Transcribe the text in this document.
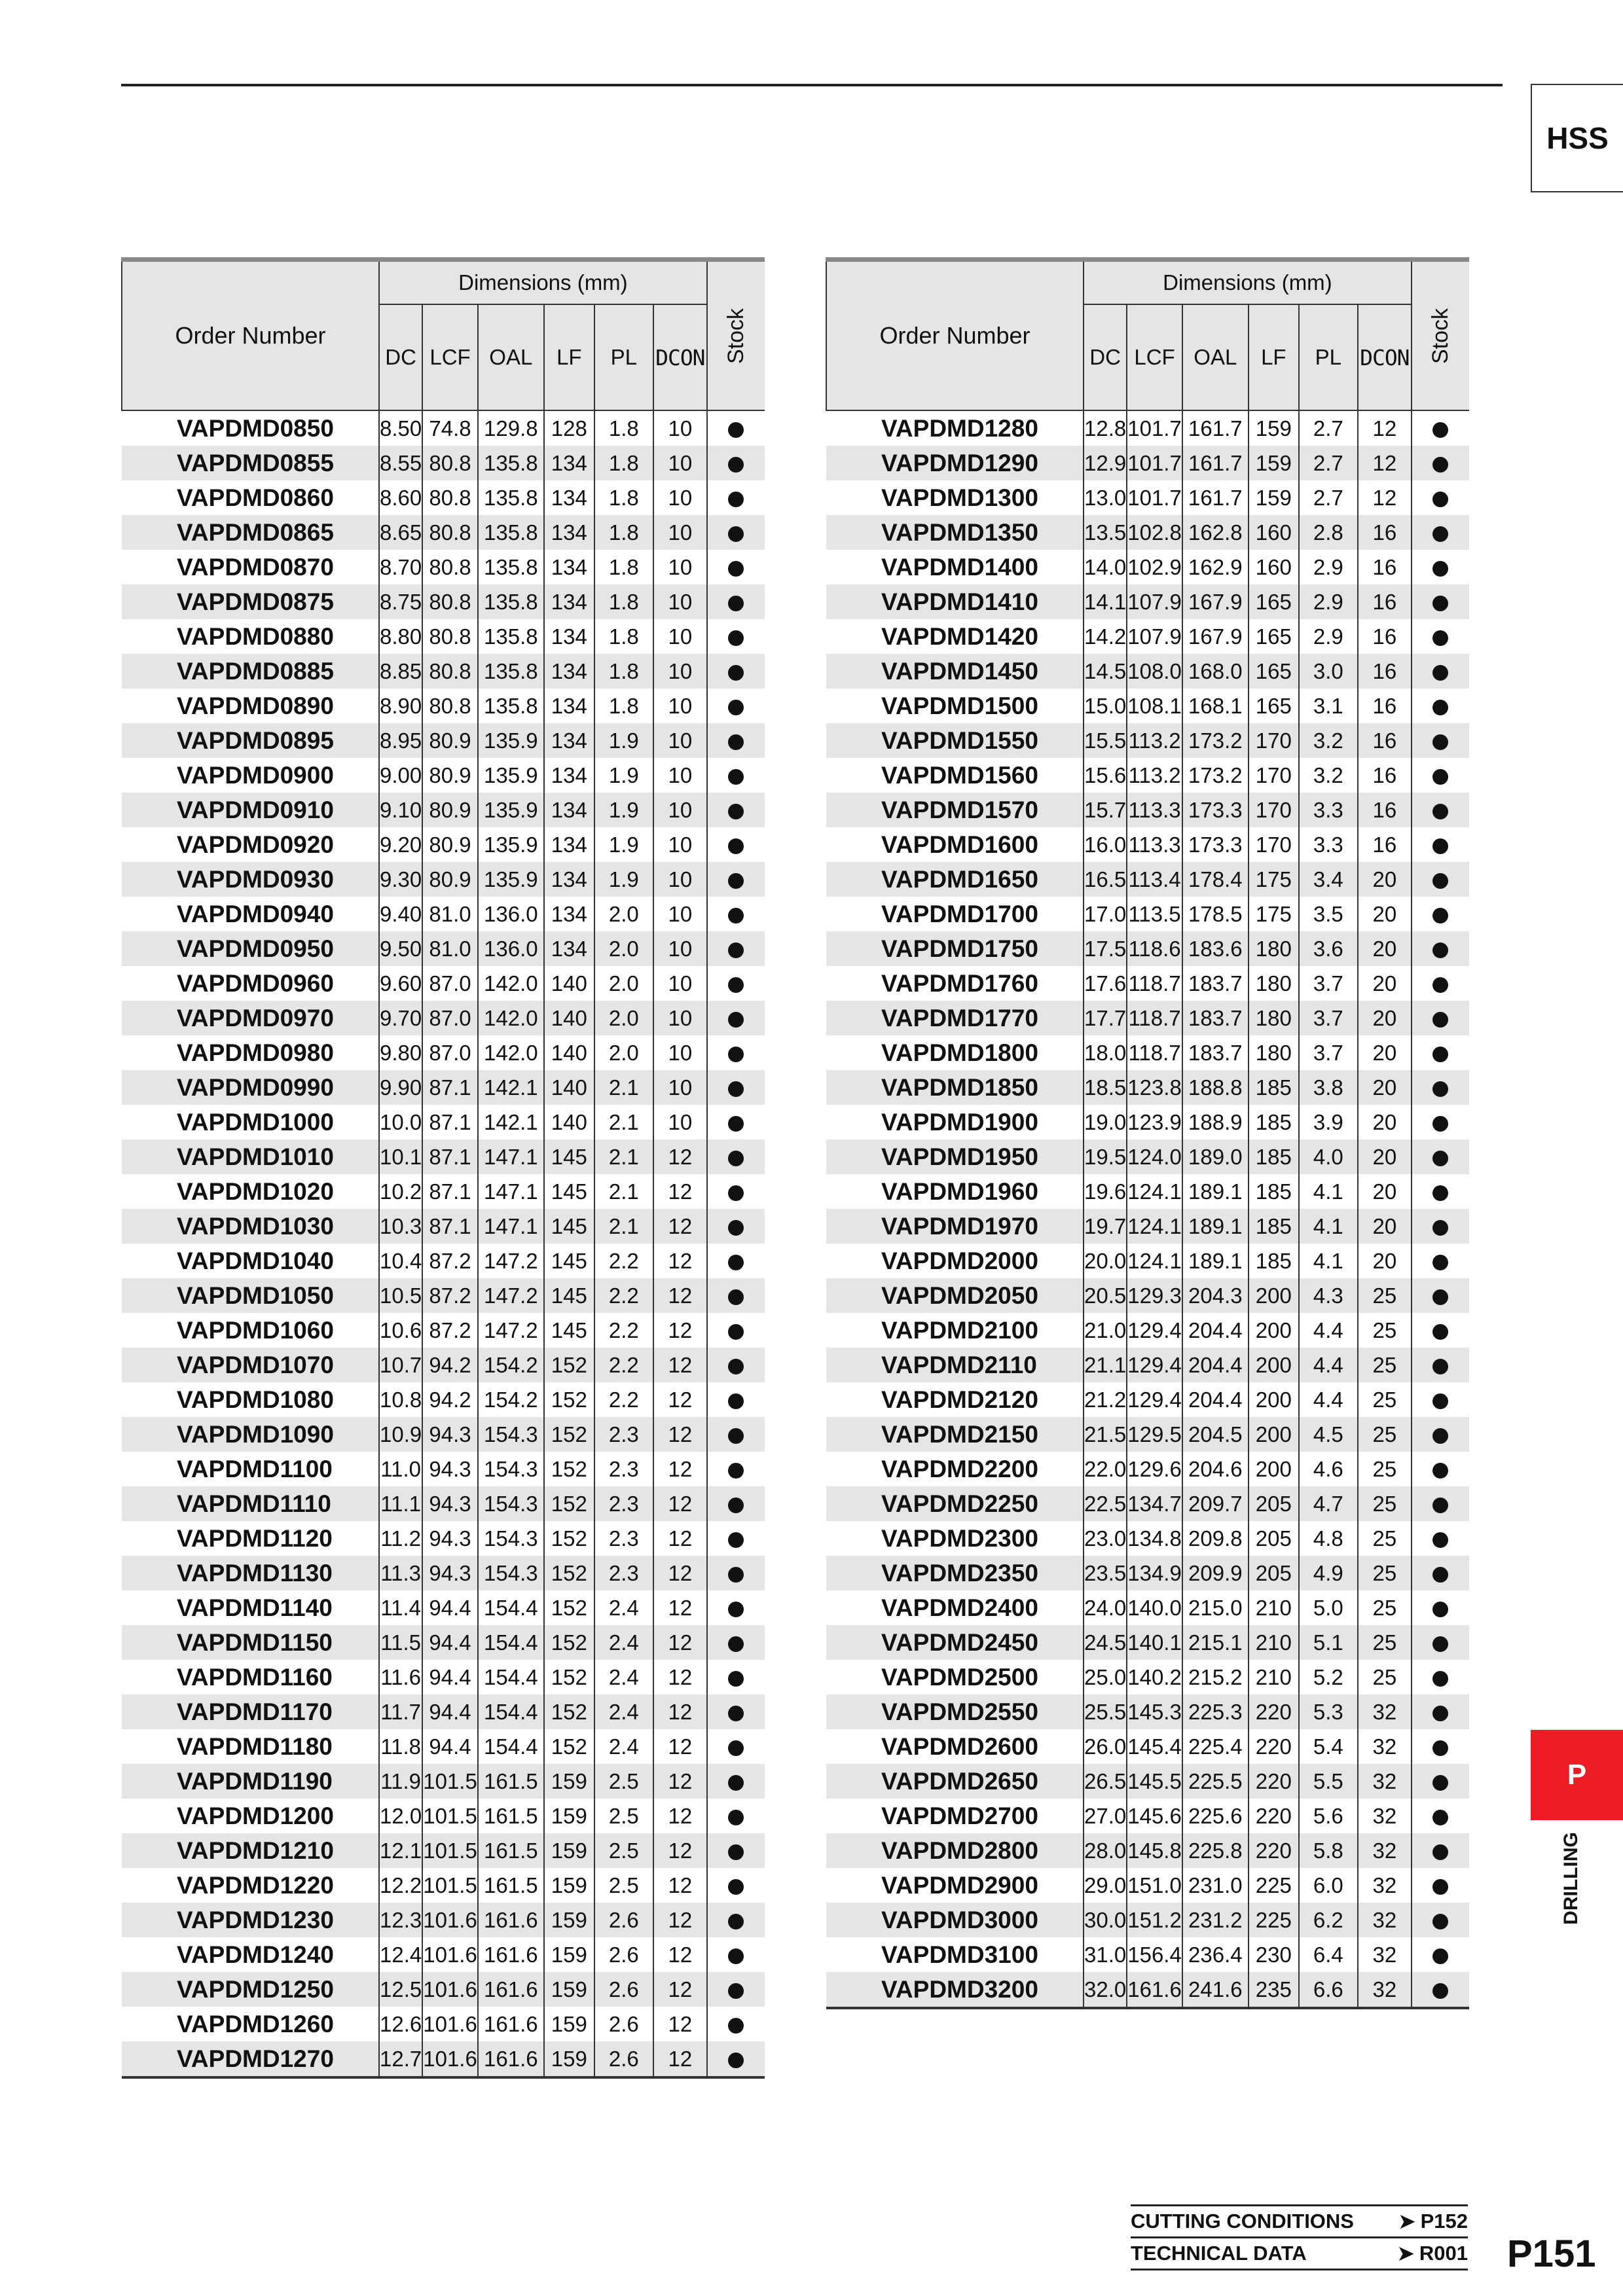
HSS
Order Number	Dimensions (mm)						Stock
	DC	LCF	OAL	LF	PL	DCON	
VAPDMD0850	8.50	74.8	129.8	128	1.8	10	
VAPDMD0855	8.55	80.8	135.8	134	1.8	10	
VAPDMD0860	8.60	80.8	135.8	134	1.8	10	
VAPDMD0865	8.65	80.8	135.8	134	1.8	10	
VAPDMD0870	8.70	80.8	135.8	134	1.8	10	
VAPDMD0875	8.75	80.8	135.8	134	1.8	10	
VAPDMD0880	8.80	80.8	135.8	134	1.8	10	
VAPDMD0885	8.85	80.8	135.8	134	1.8	10	
VAPDMD0890	8.90	80.8	135.8	134	1.8	10	
VAPDMD0895	8.95	80.9	135.9	134	1.9	10	
VAPDMD0900	9.00	80.9	135.9	134	1.9	10	
VAPDMD0910	9.10	80.9	135.9	134	1.9	10	
VAPDMD0920	9.20	80.9	135.9	134	1.9	10	
VAPDMD0930	9.30	80.9	135.9	134	1.9	10	
VAPDMD0940	9.40	81.0	136.0	134	2.0	10	
VAPDMD0950	9.50	81.0	136.0	134	2.0	10	
VAPDMD0960	9.60	87.0	142.0	140	2.0	10	
VAPDMD0970	9.70	87.0	142.0	140	2.0	10	
VAPDMD0980	9.80	87.0	142.0	140	2.0	10	
VAPDMD0990	9.90	87.1	142.1	140	2.1	10	
VAPDMD1000	10.0	87.1	142.1	140	2.1	10	
VAPDMD1010	10.1	87.1	147.1	145	2.1	12	
VAPDMD1020	10.2	87.1	147.1	145	2.1	12	
VAPDMD1030	10.3	87.1	147.1	145	2.1	12	
VAPDMD1040	10.4	87.2	147.2	145	2.2	12	
VAPDMD1050	10.5	87.2	147.2	145	2.2	12	
VAPDMD1060	10.6	87.2	147.2	145	2.2	12	
VAPDMD1070	10.7	94.2	154.2	152	2.2	12	
VAPDMD1080	10.8	94.2	154.2	152	2.2	12	
VAPDMD1090	10.9	94.3	154.3	152	2.3	12	
VAPDMD1100	11.0	94.3	154.3	152	2.3	12	
VAPDMD1110	11.1	94.3	154.3	152	2.3	12	
VAPDMD1120	11.2	94.3	154.3	152	2.3	12	
VAPDMD1130	11.3	94.3	154.3	152	2.3	12	
VAPDMD1140	11.4	94.4	154.4	152	2.4	12	
VAPDMD1150	11.5	94.4	154.4	152	2.4	12	
VAPDMD1160	11.6	94.4	154.4	152	2.4	12	
VAPDMD1170	11.7	94.4	154.4	152	2.4	12	
VAPDMD1180	11.8	94.4	154.4	152	2.4	12	
VAPDMD1190	11.9	101.5	161.5	159	2.5	12	
VAPDMD1200	12.0	101.5	161.5	159	2.5	12	
VAPDMD1210	12.1	101.5	161.5	159	2.5	12	
VAPDMD1220	12.2	101.5	161.5	159	2.5	12	
VAPDMD1230	12.3	101.6	161.6	159	2.6	12	
VAPDMD1240	12.4	101.6	161.6	159	2.6	12	
VAPDMD1250	12.5	101.6	161.6	159	2.6	12	
VAPDMD1260	12.6	101.6	161.6	159	2.6	12	
VAPDMD1270	12.7	101.6	161.6	159	2.6	12	
Order Number	Dimensions (mm)						Stock
	DC	LCF	OAL	LF	PL	DCON	
VAPDMD1280	12.8	101.7	161.7	159	2.7	12	
VAPDMD1290	12.9	101.7	161.7	159	2.7	12	
VAPDMD1300	13.0	101.7	161.7	159	2.7	12	
VAPDMD1350	13.5	102.8	162.8	160	2.8	16	
VAPDMD1400	14.0	102.9	162.9	160	2.9	16	
VAPDMD1410	14.1	107.9	167.9	165	2.9	16	
VAPDMD1420	14.2	107.9	167.9	165	2.9	16	
VAPDMD1450	14.5	108.0	168.0	165	3.0	16	
VAPDMD1500	15.0	108.1	168.1	165	3.1	16	
VAPDMD1550	15.5	113.2	173.2	170	3.2	16	
VAPDMD1560	15.6	113.2	173.2	170	3.2	16	
VAPDMD1570	15.7	113.3	173.3	170	3.3	16	
VAPDMD1600	16.0	113.3	173.3	170	3.3	16	
VAPDMD1650	16.5	113.4	178.4	175	3.4	20	
VAPDMD1700	17.0	113.5	178.5	175	3.5	20	
VAPDMD1750	17.5	118.6	183.6	180	3.6	20	
VAPDMD1760	17.6	118.7	183.7	180	3.7	20	
VAPDMD1770	17.7	118.7	183.7	180	3.7	20	
VAPDMD1800	18.0	118.7	183.7	180	3.7	20	
VAPDMD1850	18.5	123.8	188.8	185	3.8	20	
VAPDMD1900	19.0	123.9	188.9	185	3.9	20	
VAPDMD1950	19.5	124.0	189.0	185	4.0	20	
VAPDMD1960	19.6	124.1	189.1	185	4.1	20	
VAPDMD1970	19.7	124.1	189.1	185	4.1	20	
VAPDMD2000	20.0	124.1	189.1	185	4.1	20	
VAPDMD2050	20.5	129.3	204.3	200	4.3	25	
VAPDMD2100	21.0	129.4	204.4	200	4.4	25	
VAPDMD2110	21.1	129.4	204.4	200	4.4	25	
VAPDMD2120	21.2	129.4	204.4	200	4.4	25	
VAPDMD2150	21.5	129.5	204.5	200	4.5	25	
VAPDMD2200	22.0	129.6	204.6	200	4.6	25	
VAPDMD2250	22.5	134.7	209.7	205	4.7	25	
VAPDMD2300	23.0	134.8	209.8	205	4.8	25	
VAPDMD2350	23.5	134.9	209.9	205	4.9	25	
VAPDMD2400	24.0	140.0	215.0	210	5.0	25	
VAPDMD2450	24.5	140.1	215.1	210	5.1	25	
VAPDMD2500	25.0	140.2	215.2	210	5.2	25	
VAPDMD2550	25.5	145.3	225.3	220	5.3	32	
VAPDMD2600	26.0	145.4	225.4	220	5.4	32	
VAPDMD2650	26.5	145.5	225.5	220	5.5	32	
VAPDMD2700	27.0	145.6	225.6	220	5.6	32	
VAPDMD2800	28.0	145.8	225.8	220	5.8	32	
VAPDMD2900	29.0	151.0	231.0	225	6.0	32	
VAPDMD3000	30.0	151.2	231.2	225	6.2	32	
VAPDMD3100	31.0	156.4	236.4	230	6.4	32	
VAPDMD3200	32.0	161.6	241.6	235	6.6	32	
P
DRILLING
CUTTING CONDITIONS ➤ P152
TECHNICAL DATA	➤ R001 P151
